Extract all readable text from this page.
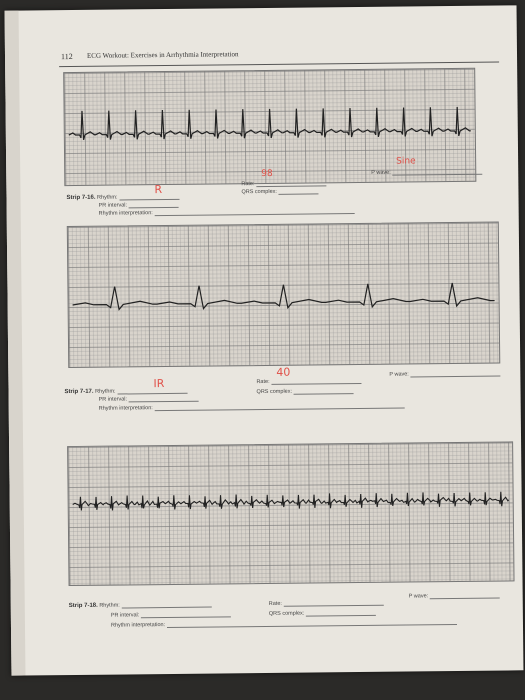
112 ECG Workout: Exercises in Arrhythmia Interpretation
Strip 7-16. Rhythm:
PR interval:
Rhythm interpretation:
Rate:
QRS complex:
P wave:
R
98
Sine
Strip 7-17. Rhythm:
PR interval:
Rhythm interpretation:
Rate:
QRS complex:
P wave:
IR
40
Strip 7-18. Rhythm:
PR interval:
Rhythm interpretation:
Rate:
QRS complex:
P wave:
